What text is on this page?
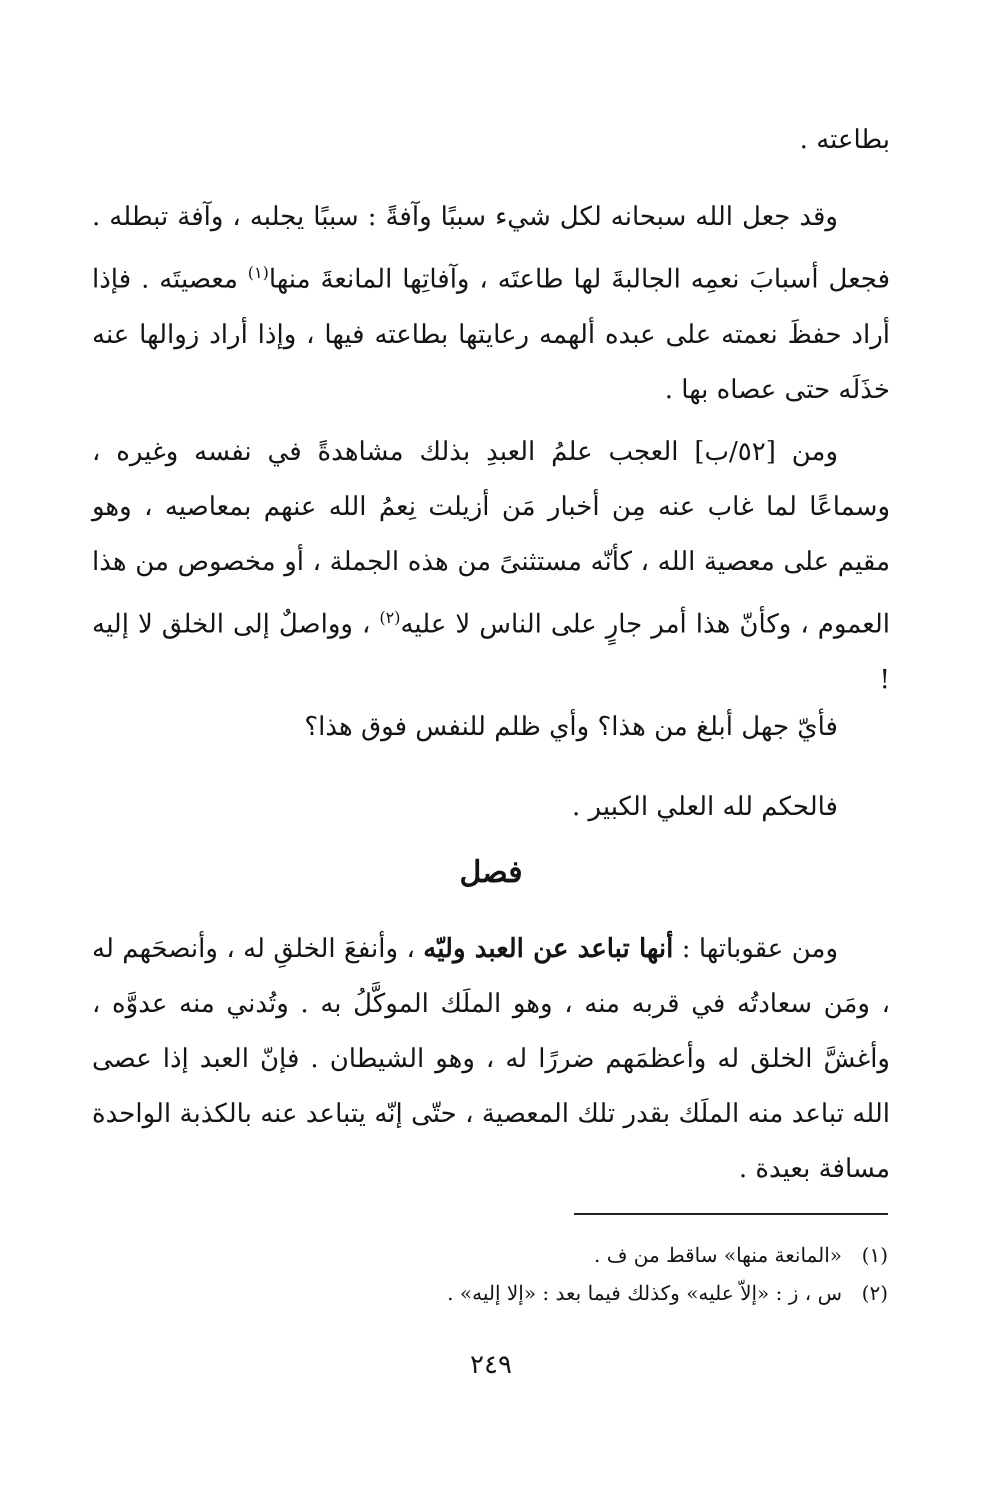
بطاعته .

وقد جعل الله سبحانه لكل شيء سببًا وآفةً : سببًا يجلبه ، وآفة تبطله . فجعل أسبابَ نعمِه الجالبةَ لها طاعتَه ، وآفاتِها المانعةَ منها$^{(١)}$ معصيتَه . فإذا أراد حفظَ نعمته على عبده ألهمه رعايتها بطاعته فيها ، وإذا أراد زوالها عنه خذَلَه حتى عصاه بها .

ومن [٥٢/ب] العجب علمُ العبدِ بذلك مشاهدةً في نفسه وغيره ، وسماعًا لما غاب عنه مِن أخبار مَن أزيلت نِعمُ الله عنهم بمعاصيه ، وهو مقيم على معصية الله ، كأنّه مستثنىً من هذه الجملة ، أو مخصوص من هذا العموم ، وكأنّ هذا أمر جارٍ على الناس لا عليه$^{(٢)}$ ، وواصلٌ إلى الخلق لا إليه !

فأيّ جهل أبلغ من هذا؟ وأي ظلم للنفس فوق هذا؟

فالحكم لله العلي الكبير .

فصل

ومن عقوباتها : أنها تباعد عن العبد وليّه ، وأنفعَ الخلقِ له ، وأنصحَهم له ، ومَن سعادتُه في قربه منه ، وهو الملَك الموكَّلُ به . وتُدني منه عدوَّه ، وأغشَّ الخلق له وأعظمَهم ضررًا له ، وهو الشيطان . فإنّ العبد إذا عصى الله تباعد منه الملَك بقدر تلك المعصية ، حتّى إنّه يتباعد عنه بالكذبة الواحدة مسافة بعيدة .

(١)
«المانعة منها» ساقط من ف .
(٢)
س ، ز : «إلاّ عليه» وكذلك فيما بعد : «إلا إليه» .
٢٤٩
